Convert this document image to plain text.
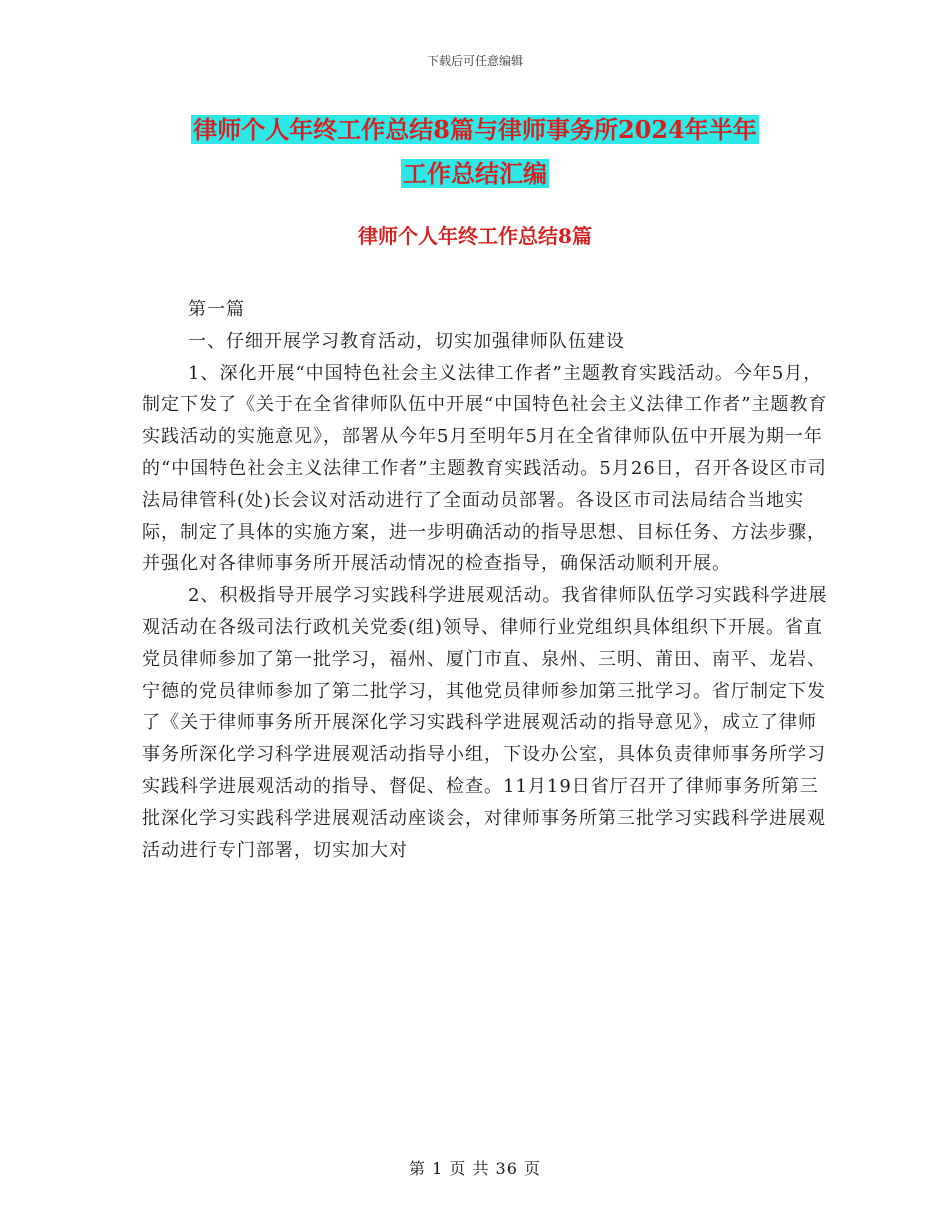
下载后可任意编辑
律师个人年终工作总结8篇与律师事务所2024年半年
工作总结汇编
律师个人年终工作总结8篇

第一篇

一、仔细开展学习教育活动，切实加强律师队伍建设

1、深化开展“中国特色社会主义法律工作者”主题教育实践活动。今年5月，制定下发了《关于在全省律师队伍中开展“中国特色社会主义法律工作者”主题教育实践活动的实施意见》，部署从今年5月至明年5月在全省律师队伍中开展为期一年的“中国特色社会主义法律工作者”主题教育实践活动。5月26日，召开各设区市司法局律管科(处)长会议对活动进行了全面动员部署。各设区市司法局结合当地实际，制定了具体的实施方案，进一步明确活动的指导思想、目标任务、方法步骤，并强化对各律师事务所开展活动情况的检查指导，确保活动顺利开展。

2、积极指导开展学习实践科学进展观活动。我省律师队伍学习实践科学进展观活动在各级司法行政机关党委(组)领导、律师行业党组织具体组织下开展。省直党员律师参加了第一批学习，福州、厦门市直、泉州、三明、莆田、南平、龙岩、宁德的党员律师参加了第二批学习，其他党员律师参加第三批学习。省厅制定下发了《关于律师事务所开展深化学习实践科学进展观活动的指导意见》，成立了律师事务所深化学习科学进展观活动指导小组，下设办公室，具体负责律师事务所学习实践科学进展观活动的指导、督促、检查。11月19日省厅召开了律师事务所第三批深化学习实践科学进展观活动座谈会，对律师事务所第三批学习实践科学进展观活动进行专门部署，切实加大对

第 1 页 共 36 页
